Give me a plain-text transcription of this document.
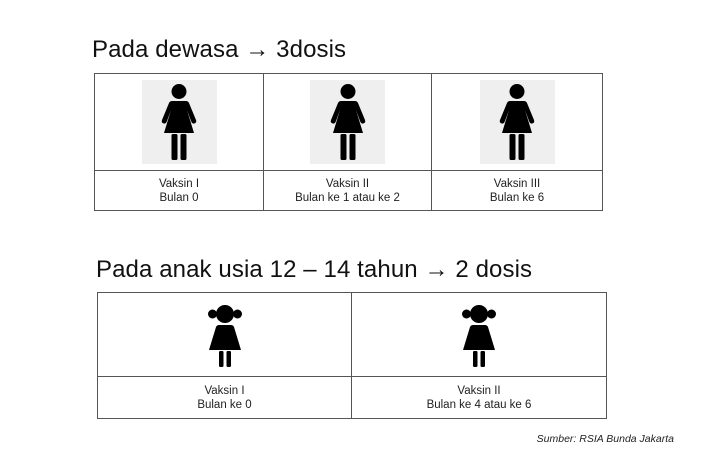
Pada dewasa → 3dosis
Vaksin I
Bulan 0
Vaksin II
Bulan ke 1 atau ke 2
Vaksin III
Bulan ke 6
Pada anak usia 12 – 14 tahun → 2 dosis
Vaksin I
Bulan ke 0
Vaksin II
Bulan ke 4 atau ke 6
Sumber: RSIA Bunda Jakarta
